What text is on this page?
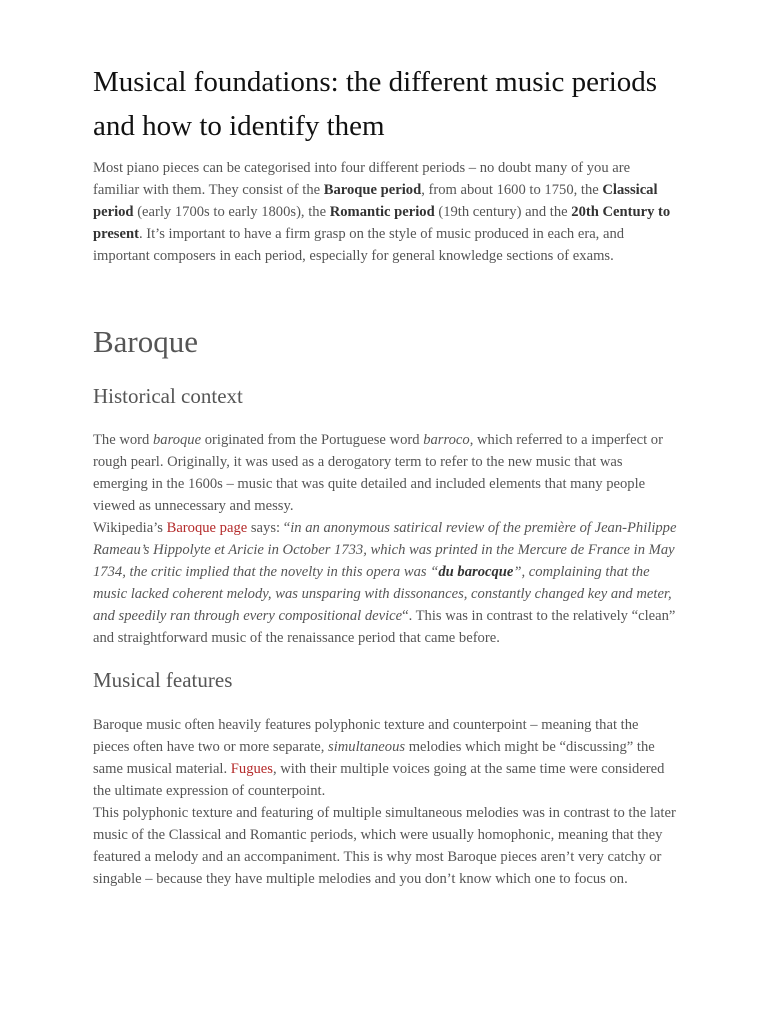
Musical foundations: the different music periods and how to identify them

Most piano pieces can be categorised into four different periods – no doubt many of you are familiar with them. They consist of the Baroque period, from about 1600 to 1750, the Classical period (early 1700s to early 1800s), the Romantic period (19th century) and the 20th Century to present. It’s important to have a firm grasp on the style of music produced in each era, and important composers in each period, especially for general knowledge sections of exams.

Baroque
Historical context

The word baroque originated from the Portuguese word barroco, which referred to a imperfect or rough pearl. Originally, it was used as a derogatory term to refer to the new music that was emerging in the 1600s – music that was quite detailed and included elements that many people viewed as unnecessary and messy.

Wikipedia’s Baroque page says: “in an anonymous satirical review of the première of Jean-Philippe Rameau’s Hippolyte et Aricie in October 1733, which was printed in the Mercure de France in May 1734, the critic implied that the novelty in this opera was “du barocque”, complaining that the music lacked coherent melody, was unsparing with dissonances, constantly changed key and meter, and speedily ran through every compositional device“. This was in contrast to the relatively “clean” and straightforward music of the renaissance period that came before.

Musical features

Baroque music often heavily features polyphonic texture and counterpoint – meaning that the pieces often have two or more separate, simultaneous melodies which might be “discussing” the same musical material. Fugues, with their multiple voices going at the same time were considered the ultimate expression of counterpoint.

This polyphonic texture and featuring of multiple simultaneous melodies was in contrast to the later music of the Classical and Romantic periods, which were usually homophonic, meaning that they featured a melody and an accompaniment. This is why most Baroque pieces aren’t very catchy or singable – because they have multiple melodies and you don’t know which one to focus on.
